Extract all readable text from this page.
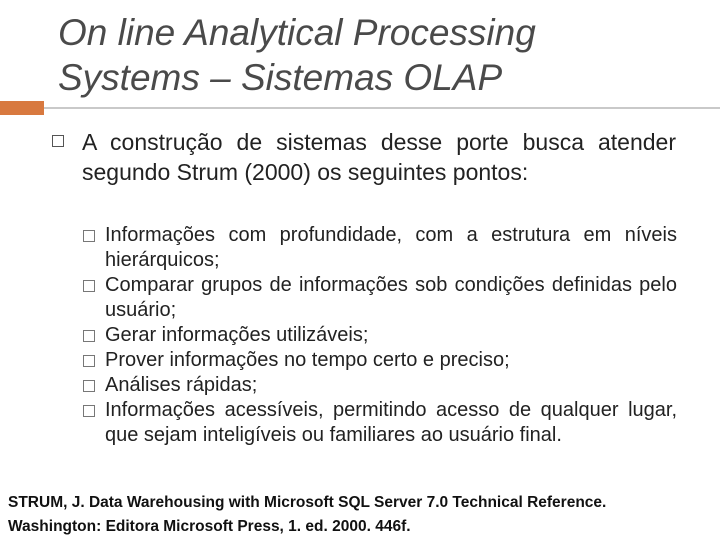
On line Analytical Processing
Systems – Sistemas OLAP
A construção de sistemas desse porte busca atender segundo Strum (2000) os seguintes pontos:
Informações com profundidade, com a estrutura em níveis hierárquicos;
Comparar grupos de informações sob condições definidas pelo usuário;
Gerar informações utilizáveis;
Prover informações no tempo certo e preciso;
Análises rápidas;
Informações acessíveis, permitindo acesso de qualquer lugar, que sejam inteligíveis ou familiares ao usuário final.
STRUM, J. Data Warehousing with Microsoft SQL Server 7.0 Technical Reference.
Washington: Editora Microsoft Press, 1. ed. 2000. 446f.
